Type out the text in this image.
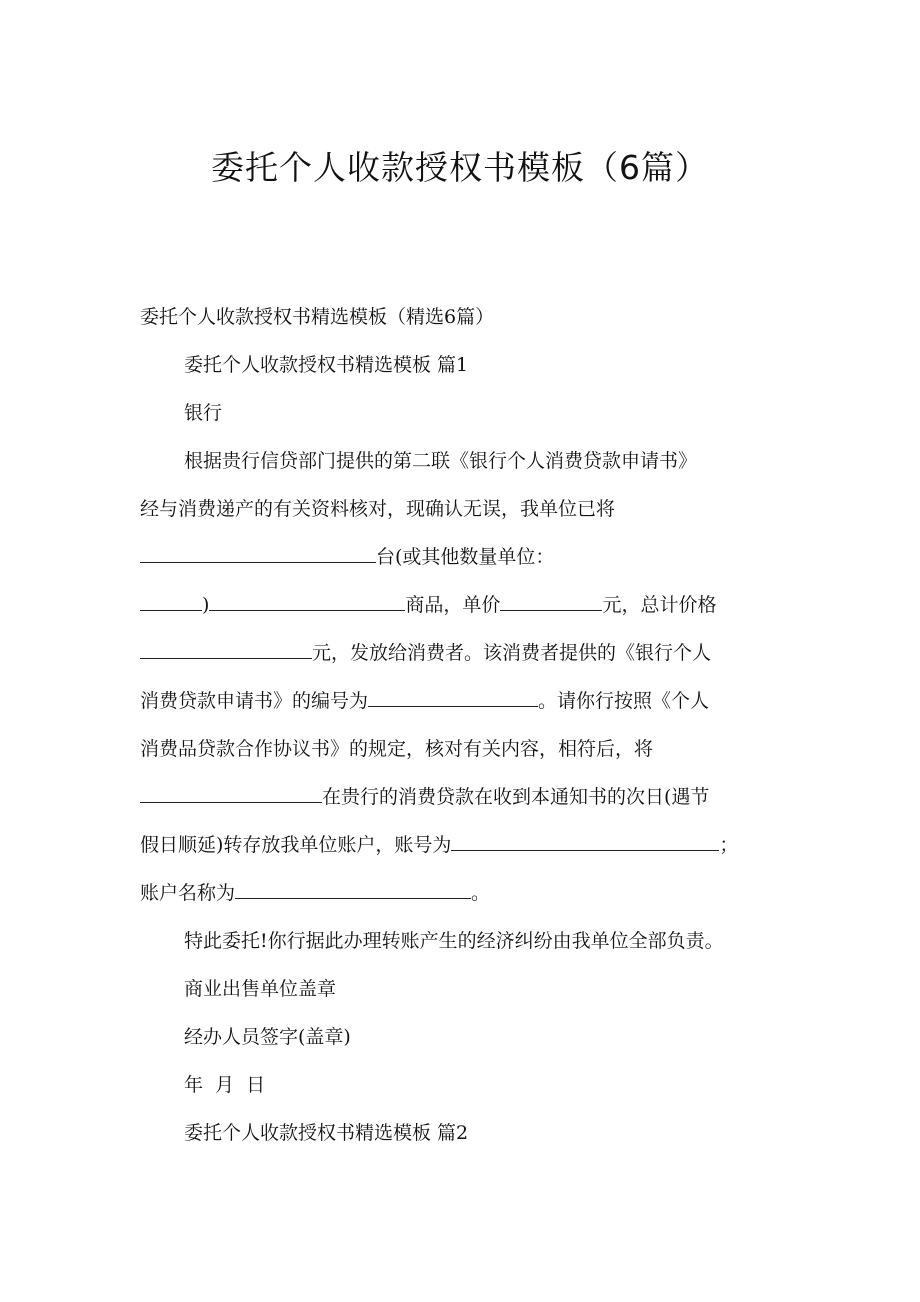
委托个人收款授权书模板（6篇）

委托个人收款授权书精选模板（精选6篇）

委托个人收款授权书精选模板 篇1

银行

根据贵行信贷部门提供的第二联《银行个人消费贷款申请书》

经与消费递产的有关资料核对，现确认无误，我单位已将

台(或其他数量单位：

)	商品，单价	元，总计价格

元，发放给消费者。该消费者提供的《银行个人

消费贷款申请书》的编号为	。请你行按照《个人

消费品贷款合作协议书》的规定，核对有关内容，相符后，将

在贵行的消费贷款在收到本通知书的次日(遇节

假日顺延)转存放我单位账户，账号为	；

账户名称为	。

特此委托!你行据此办理转账产生的经济纠纷由我单位全部负责。

商业出售单位盖章

经办人员签字(盖章)

年  月  日

委托个人收款授权书精选模板 篇2
